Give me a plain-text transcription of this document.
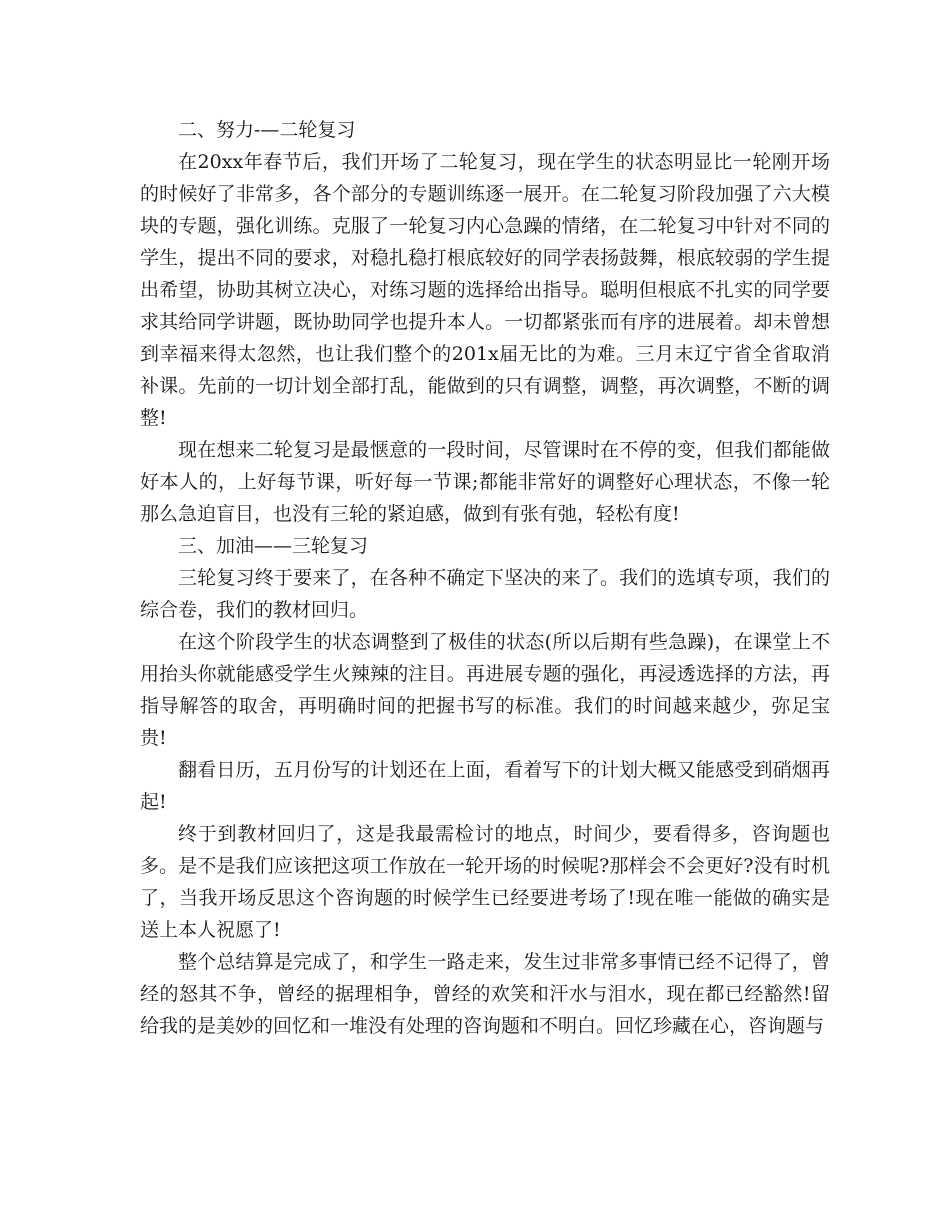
二、努力-—二轮复习

在20xx年春节后，我们开场了二轮复习，现在学生的状态明显比一轮刚开场的时候好了非常多，各个部分的专题训练逐一展开。在二轮复习阶段加强了六大模块的专题，强化训练。克服了一轮复习内心急躁的情绪，在二轮复习中针对不同的学生，提出不同的要求，对稳扎稳打根底较好的同学表扬鼓舞，根底较弱的学生提出希望，协助其树立决心，对练习题的选择给出指导。聪明但根底不扎实的同学要求其给同学讲题，既协助同学也提升本人。一切都紧张而有序的进展着。却未曾想到幸福来得太忽然，也让我们整个的201x届无比的为难。三月末辽宁省全省取消补课。先前的一切计划全部打乱，能做到的只有调整，调整，再次调整，不断的调整!

现在想来二轮复习是最惬意的一段时间，尽管课时在不停的变，但我们都能做好本人的，上好每节课，听好每一节课;都能非常好的调整好心理状态，不像一轮那么急迫盲目，也没有三轮的紧迫感，做到有张有弛，轻松有度!

三、加油——三轮复习

三轮复习终于要来了，在各种不确定下坚决的来了。我们的选填专项，我们的综合卷，我们的教材回归。

在这个阶段学生的状态调整到了极佳的状态(所以后期有些急躁)，在课堂上不用抬头你就能感受学生火辣辣的注目。再进展专题的强化，再浸透选择的方法，再指导解答的取舍，再明确时间的把握书写的标准。我们的时间越来越少，弥足宝贵!

翻看日历，五月份写的计划还在上面，看着写下的计划大概又能感受到硝烟再起!

终于到教材回归了，这是我最需检讨的地点，时间少，要看得多，咨询题也多。是不是我们应该把这项工作放在一轮开场的时候呢?那样会不会更好?没有时机了，当我开场反思这个咨询题的时候学生已经要进考场了!现在唯一能做的确实是送上本人祝愿了!

整个总结算是完成了，和学生一路走来，发生过非常多事情已经不记得了，曾经的怒其不争，曾经的据理相争，曾经的欢笑和汗水与泪水，现在都已经豁然!留给我的是美妙的回忆和一堆没有处理的咨询题和不明白。回忆珍藏在心，咨询题与
